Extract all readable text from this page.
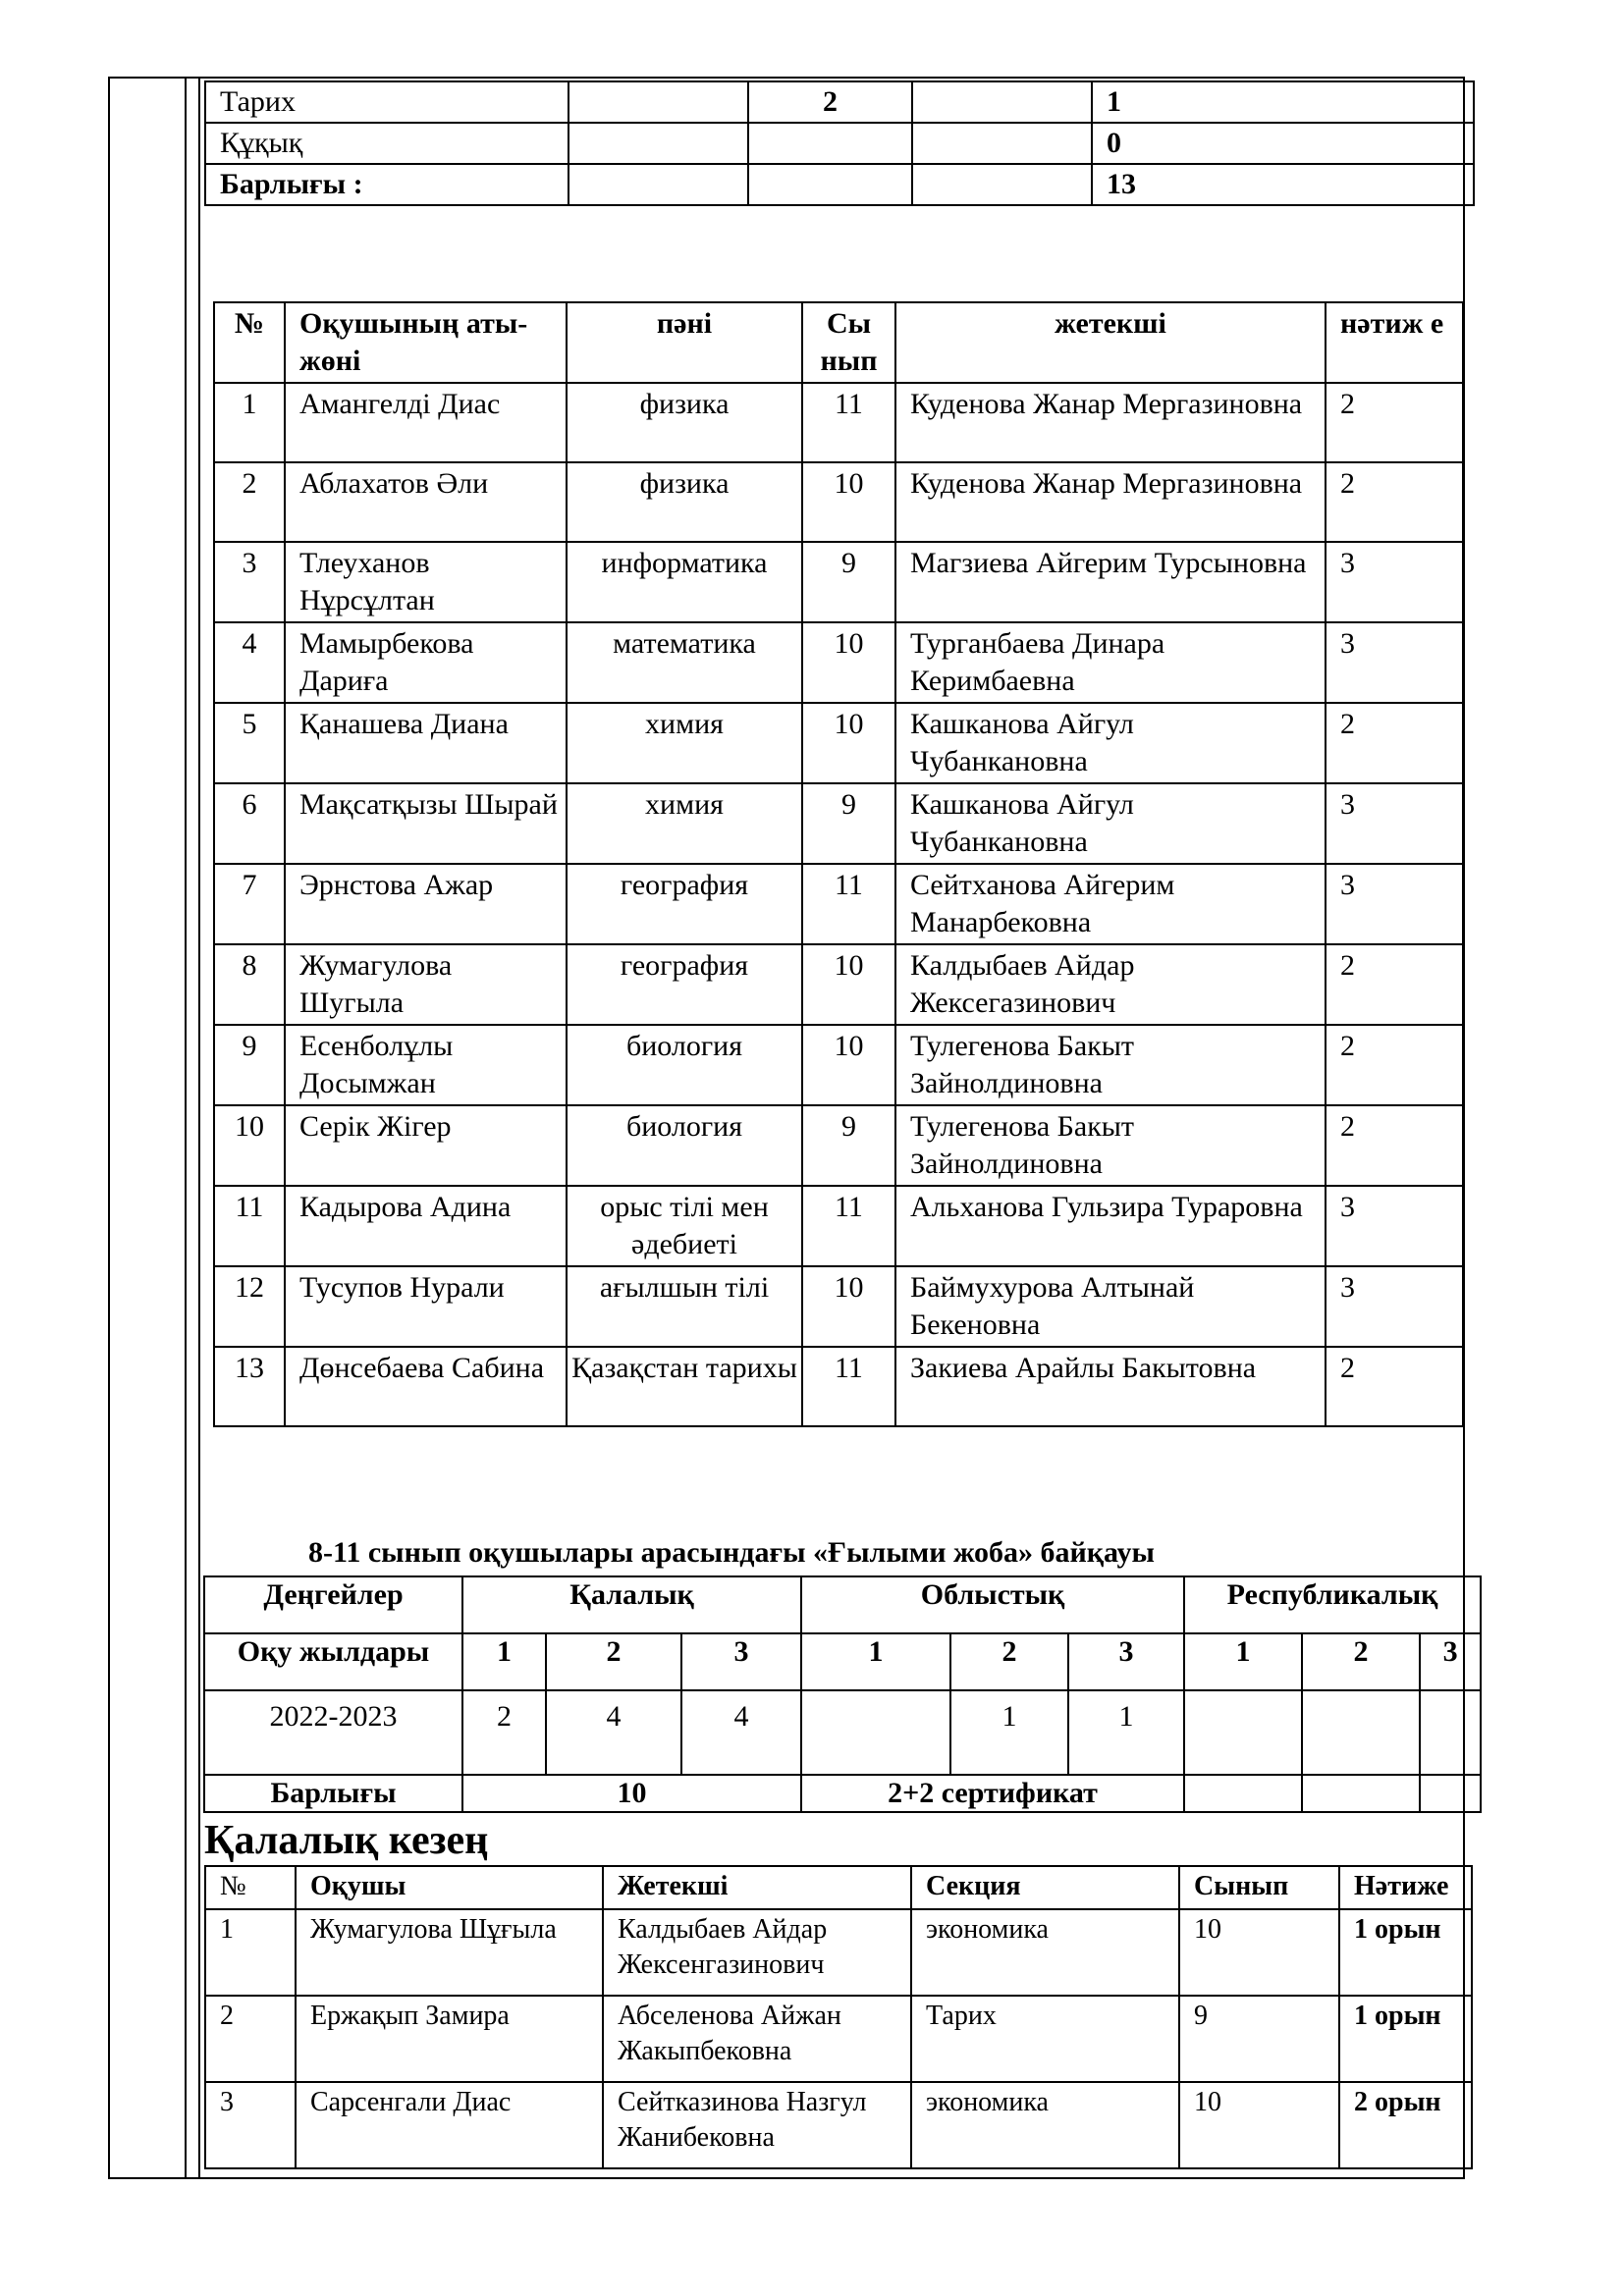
Тарих		2		1
Құқық				0
Барлығы :				13
№	Оқушының аты-жөні	пәні	Сы нып	жетекші	нәтиж е
1	Амангелді Диас	физика	11	Куденова Жанар Мергазиновна	2
2	Аблахатов Әли	физика	10	Куденова Жанар Мергазиновна	2
3	Тлеуханов Нұрсұлтан	информатика	9	Магзиева Айгерим Турсыновна	3
4	Мамырбекова Дариға	математика	10	Турганбаева Динара Керимбаевна	3
5	Қанашева Диана	химия	10	Кашканова Айгул Чубанкановна	2
6	Мақсатқызы Шырай	химия	9	Кашканова Айгул Чубанкановна	3
7	Эрнстова Ажар	география	11	Сейтханова Айгерим Манарбековна	3
8	Жумагулова Шугыла	география	10	Калдыбаев Айдар Жексегазинович	2
9	Есенболұлы Досымжан	биология	10	Тулегенова Бакыт Зайнолдиновна	2
10	Серік Жігер	биология	9	Тулегенова Бакыт Зайнолдиновна	2
11	Кадырова Адина	орыс тілі мен әдебиеті	11	Альханова Гульзира Тураровна	3
12	Тусупов Нурали	ағылшын тілі	10	Баймухурова Алтынай Бекеновна	3
13	Дөнсебаева Сабина	Қазақстан тарихы	11	Закиева Арайлы Бакытовна	2
8-11 сынып оқушылары арасындағы «Ғылыми жоба» байқауы
Деңгейлер	Қалалық			Облыстық			Республикалық		
Оқу жылдары	1	2	3	1	2	3	1	2	3
2022-2023	2	4	4		1	1			
Барлығы	10			2+2 сертификат					
Қалалық кезең
№	Оқушы	Жетекші	Секция	Сынып	Нәтиже
1	Жумагулова Шұғыла	Калдыбаев Айдар Жексенгазинович	экономика	10	1 орын
2	Ержақып Замира	Абселенова Айжан Жакыпбековна	Тарих	9	1 орын
3	Сарсенгали Диас	Сейтказинова Назгул Жанибековна	экономика	10	2 орын
